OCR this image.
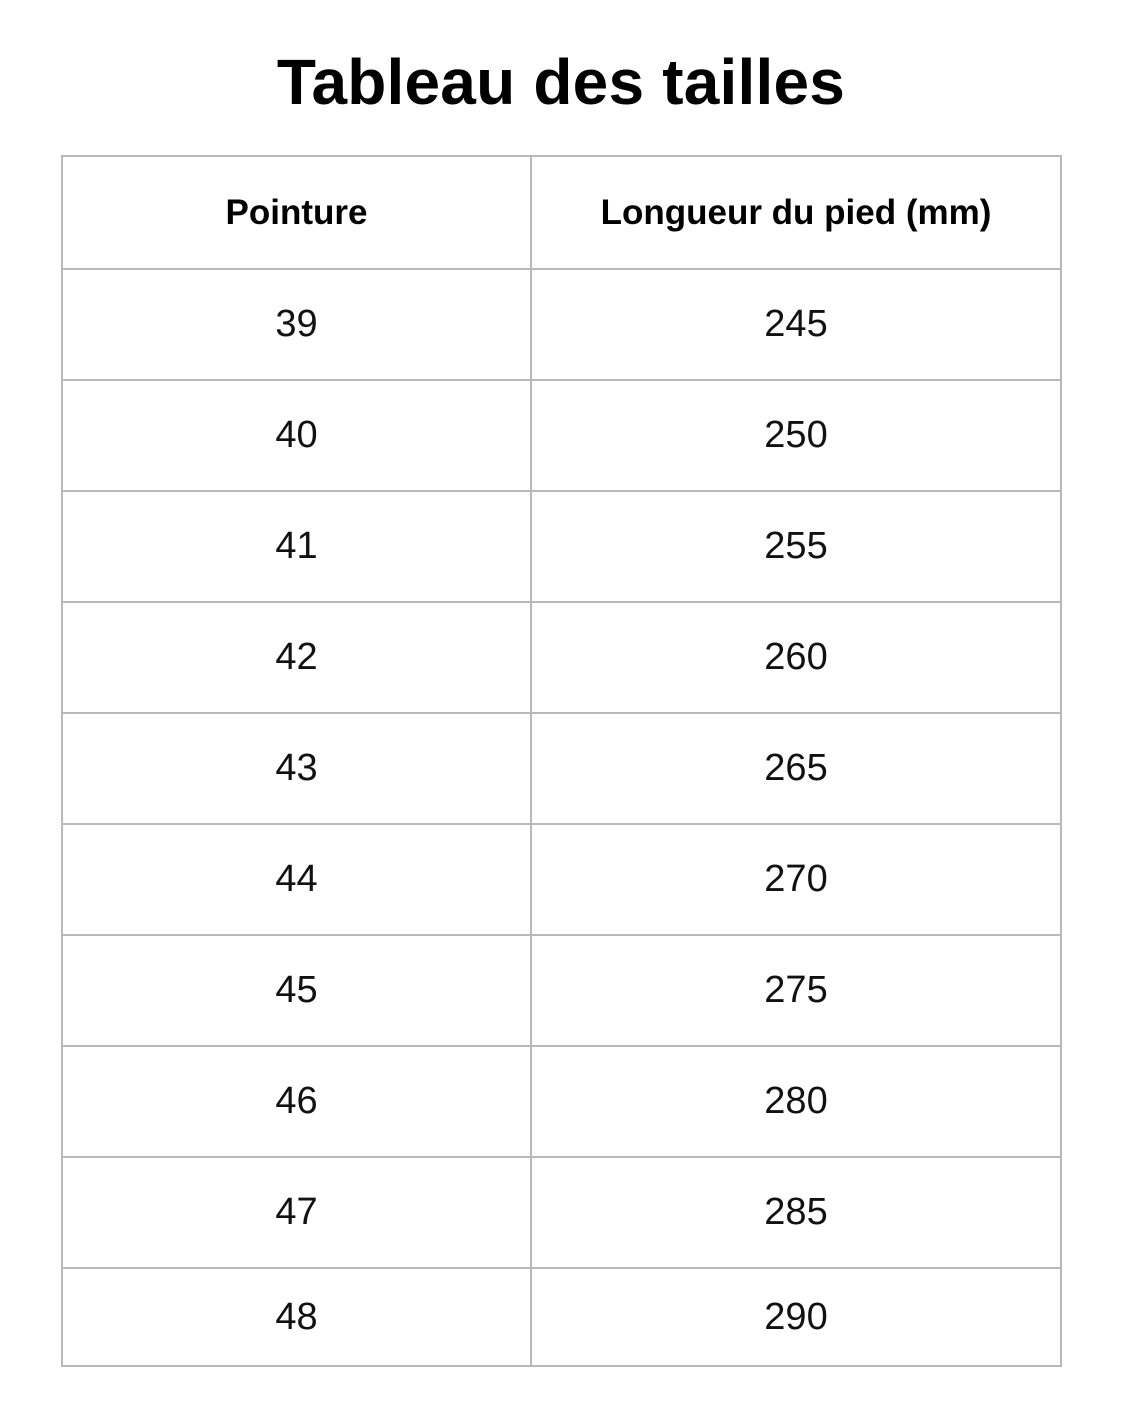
Tableau des tailles
Pointure	Longueur du pied (mm)
39	245
40	250
41	255
42	260
43	265
44	270
45	275
46	280
47	285
48	290
